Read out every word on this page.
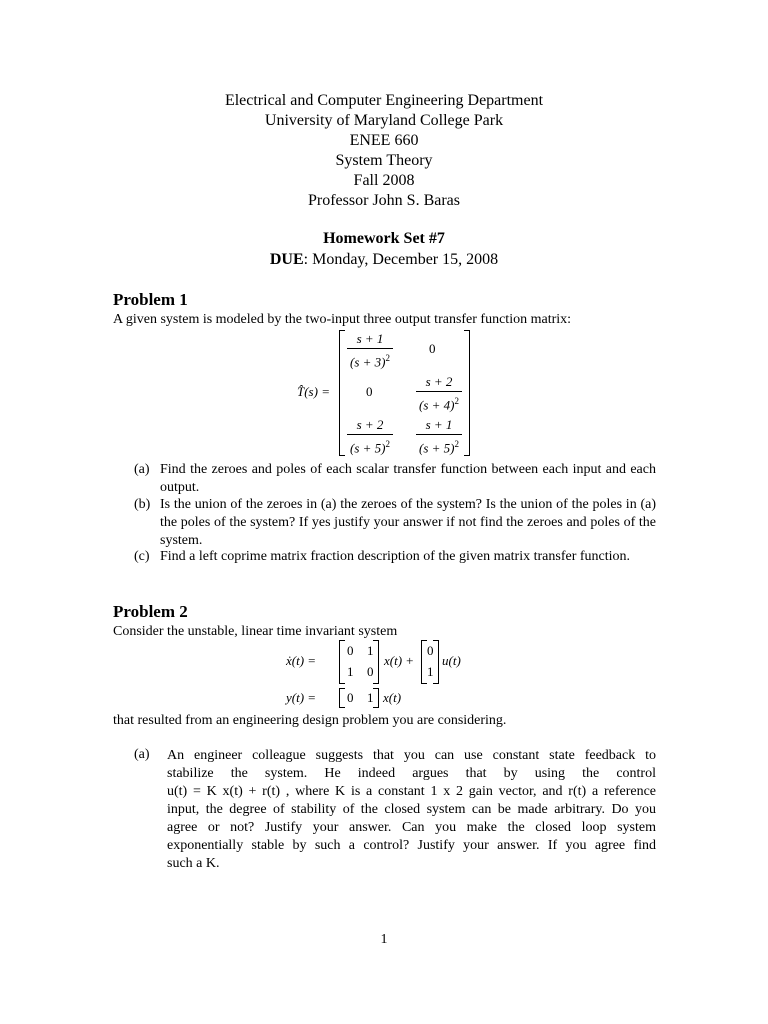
Electrical and Computer Engineering Department
University of Maryland College Park
ENEE 660
System Theory
Fall 2008
Professor John S. Baras
Homework Set #7
DUE: Monday, December 15, 2008
Problem 1
A given system is modeled by the two-input three output transfer function matrix:
T̂(s) =
s + 1
$(s + 3)^2$
0
0
s + 2
$(s + 4)^2$
s + 2
$(s + 5)^2$
s + 1
$(s + 5)^2$
(a) Find the zeroes and poles of each scalar transfer function between each input and each output.
(b) Is the union of the zeroes in (a) the zeroes of the system? Is the union of the poles in (a) the poles of the system? If yes justify your answer if not find the zeroes and poles of the system.
(c) Find a left coprime matrix fraction description of the given matrix transfer function.
Problem 2
Consider the unstable, linear time invariant system
ẋ(t) =
0 1
1 0
x(t) +
0
1
u(t)
y(t) = 0 1 x(t)
that resulted from an engineering design problem you are considering.
(a) An engineer colleague suggests that you can use constant state feedback to
stabilize the system. He indeed argues that by using the control
u(t) = K x(t) + r(t) , where K is a constant 1 x 2 gain vector, and r(t) a reference
input, the degree of stability of the closed system can be made arbitrary. Do you
agree or not? Justify your answer. Can you make the closed loop system
exponentially stable by such a control? Justify your answer. If you agree find
such a K.
1
